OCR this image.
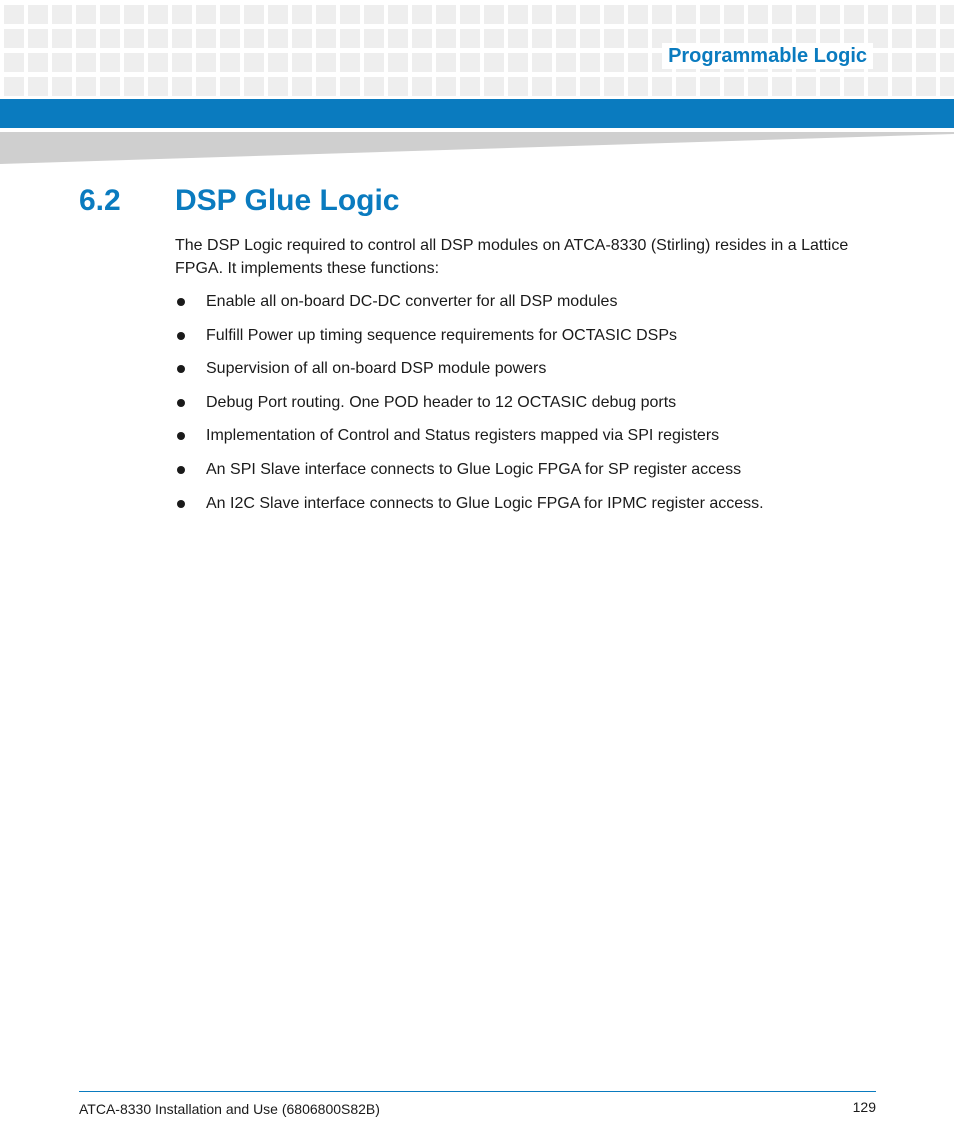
Programmable Logic
6.2 DSP Glue Logic
The DSP Logic required to control all DSP modules on ATCA-8330 (Stirling) resides in a Lattice FPGA. It implements these functions:
Enable all on-board DC-DC converter for all DSP modules
Fulfill Power up timing sequence requirements for OCTASIC DSPs
Supervision of all on-board DSP module powers
Debug Port routing. One POD header to 12 OCTASIC debug ports
Implementation of Control and Status registers mapped via SPI registers
An SPI Slave interface connects to Glue Logic FPGA for SP register access
An I2C Slave interface connects to Glue Logic FPGA for IPMC register access.
ATCA-8330 Installation and Use (6806800S82B)	129
